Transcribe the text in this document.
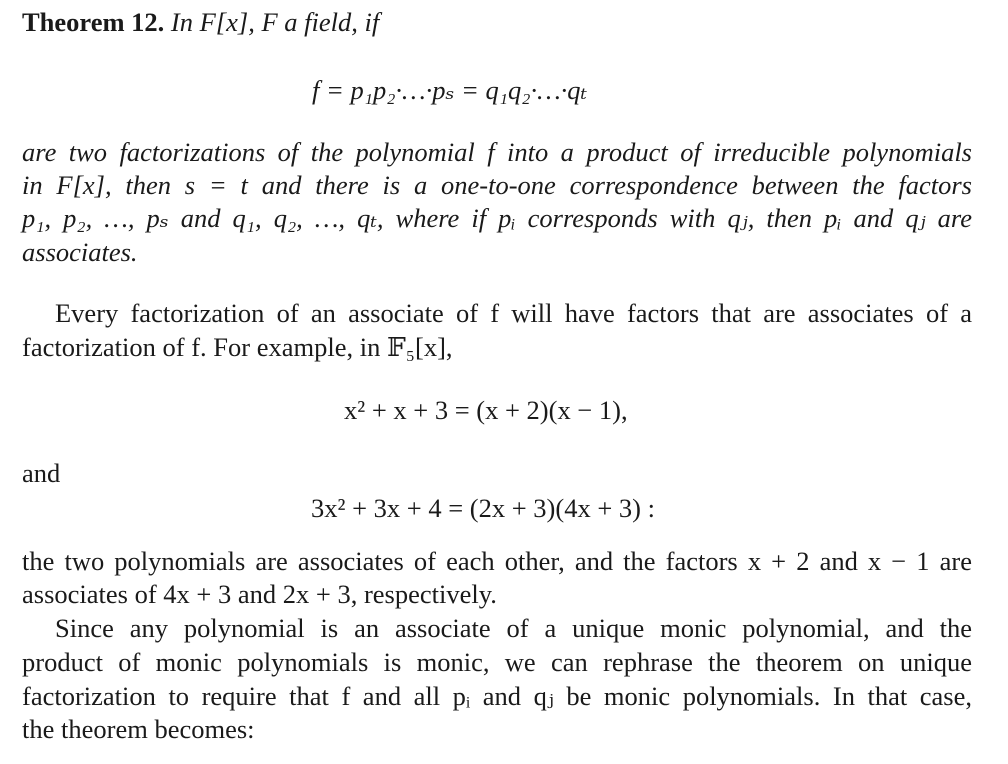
Theorem 12. In F[x], F a field, if
f = p₁p₂·…·pₛ = q₁q₂·…·qₜ
are two factorizations of the polynomial f into a product of irreducible polynomials
in F[x], then s = t and there is a one-to-one correspondence between the factors
p₁, p₂, …, pₛ and q₁, q₂, …, qₜ, where if pᵢ corresponds with qⱼ, then pᵢ and qⱼ are
associates.
Every factorization of an associate of f will have factors that are associates of a
factorization of f. For example, in 𝔽₅[x],
x² + x + 3 = (x + 2)(x − 1),
and
3x² + 3x + 4 = (2x + 3)(4x + 3) :
the two polynomials are associates of each other, and the factors x + 2 and x − 1 are
associates of 4x + 3 and 2x + 3, respectively.
Since any polynomial is an associate of a unique monic polynomial, and the
product of monic polynomials is monic, we can rephrase the theorem on unique
factorization to require that f and all pᵢ and qⱼ be monic polynomials. In that case,
the theorem becomes:
